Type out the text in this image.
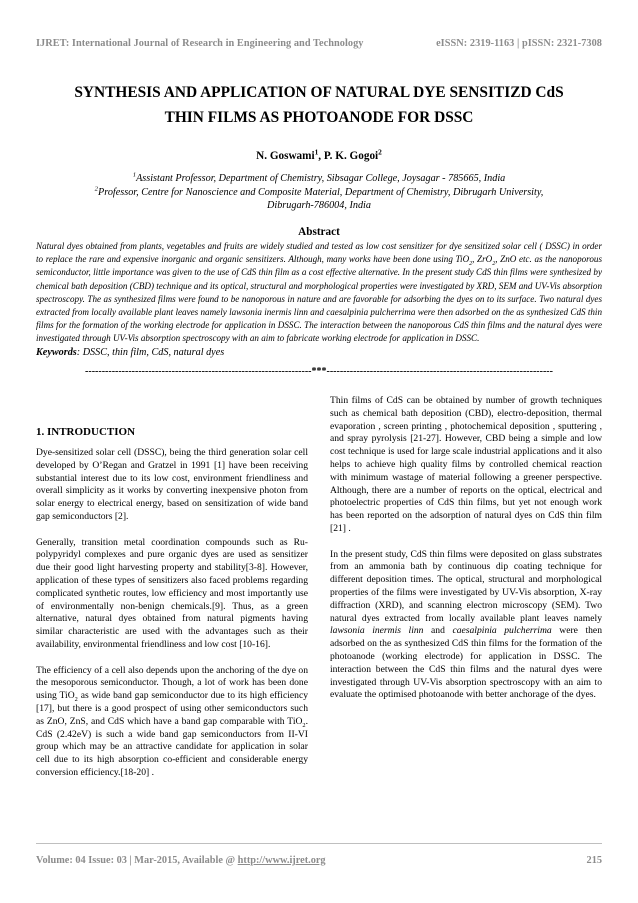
IJRET: International Journal of Research in Engineering and Technology	eISSN: 2319-1163 | pISSN: 2321-7308
SYNTHESIS AND APPLICATION OF NATURAL DYE SENSITIZD CdS
THIN FILMS AS PHOTOANODE FOR DSSC
N. Goswami$^1$, P. K. Gogoi$^2$
$^1$Assistant Professor, Department of Chemistry, Sibsagar College, Joysagar - 785665, India
$^2$Professor, Centre for Nanoscience and Composite Material, Department of Chemistry, Dibrugarh University,
Dibrugarh-786004, India
Abstract
Natural dyes obtained from plants, vegetables and fruits are widely studied and tested as low cost sensitizer for dye sensitized solar cell ( DSSC) in order to replace the rare and expensive inorganic and organic sensitizers. Although, many works have been done using TiO$_2$, ZrO$_2$, ZnO etc. as the nanoporous semiconductor, little importance was given to the use of CdS thin film as a cost effective alternative. In the present study CdS thin films were synthesized by chemical bath deposition (CBD) technique and its optical, structural and morphological properties were investigated by XRD, SEM and UV-Vis absorption spectroscopy. The as synthesized films were found to be nanoporous in nature and are favorable for adsorbing the dyes on to its surface. Two natural dyes extracted from locally available plant leaves namely lawsonia inermis linn and caesalpinia pulcherrima were then adsorbed on the as synthesized CdS thin films for the formation of the working electrode for application in DSSC. The interaction between the nanoporous CdS thin films and the natural dyes were investigated through UV-Vis absorption spectroscopy with an aim to fabricate working electrode for application in DSSC.
Keywords: DSSC, thin film, CdS, natural dyes
--------------------------------------------------------------------***--------------------------------------------------------------------
1. INTRODUCTION

Dye-sensitized solar cell (DSSC), being the third generation solar cell developed by O’Regan and Gratzel in 1991 [1] have been receiving substantial interest due to its low cost, environment friendliness and overall simplicity as it works by converting inexpensive photon from solar energy to electrical energy, based on sensitization of wide band gap semiconductors [2].

Generally, transition metal coordination compounds such as Ru- polypyridyl complexes and pure organic dyes are used as sensitizer due their good light harvesting property and stability[3-8]. However, application of these types of sensitizers also faced problems regarding complicated synthetic routes, low efficiency and most importantly use of environmentally non-benign chemicals.[9]. Thus, as a green alternative, natural dyes obtained from natural pigments having similar characteristic are used with the advantages such as their availability, environmental friendliness and low cost [10-16].

The efficiency of a cell also depends upon the anchoring of the dye on the mesoporous semiconductor. Though, a lot of work has been done using TiO$_2$ as wide band gap semiconductor due to its high efficiency [17], but there is a good prospect of using other semiconductors such as ZnO, ZnS, and CdS which have a band gap comparable with TiO$_2$. CdS (2.42eV) is such a wide band gap semiconductors from II-VI group which may be an attractive candidate for application in solar cell due to its high absorption co-efficient and considerable energy conversion efficiency.[18-20] .

Thin films of CdS can be obtained by number of growth techniques such as chemical bath deposition (CBD), electro-deposition, thermal evaporation , screen printing , photochemical deposition , sputtering , and spray pyrolysis [21-27]. However, CBD being a simple and low cost technique is used for large scale industrial applications and it also helps to achieve high quality films by controlled chemical reaction with minimum wastage of material following a greener perspective. Although, there are a number of reports on the optical, electrical and photoelectric properties of CdS thin films, but yet not enough work has been reported on the adsorption of natural dyes on CdS thin film [21] .

In the present study, CdS thin films were deposited on glass substrates from an ammonia bath by continuous dip coating technique for different deposition times. The optical, structural and morphological properties of the films were investigated by UV-Vis absorption, X-ray diffraction (XRD), and scanning electron microscopy (SEM). Two natural dyes extracted from locally available plant leaves namely lawsonia inermis linn and caesalpinia pulcherrima were then adsorbed on the as synthesized CdS thin films for the formation of the photoanode (working electrode) for application in DSSC. The interaction between the CdS thin films and the natural dyes were investigated through UV-Vis absorption spectroscopy with an aim to evaluate the optimised photoanode with better anchorage of the dyes.

Volume: 04 Issue: 03 | Mar-2015, Available @ http://www.ijret.org	215
